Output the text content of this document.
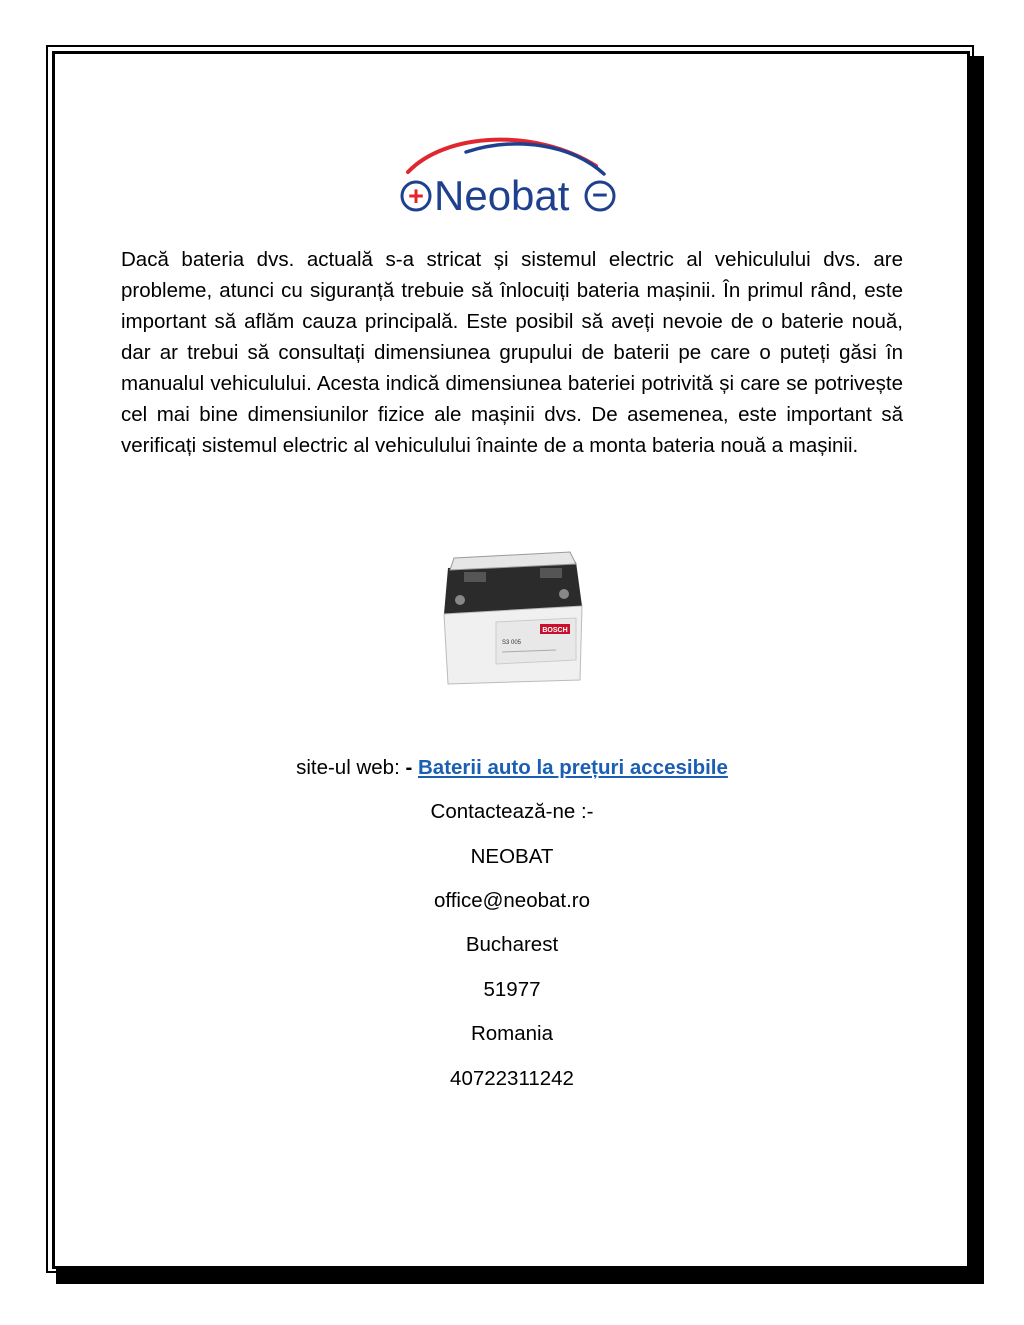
+ Neobat −

Dacă bateria dvs. actuală s-a stricat și sistemul electric al vehiculului dvs. are probleme, atunci cu siguranță trebuie să înlocuiți bateria mașinii. În primul rând, este important să aflăm cauza principală. Este posibil să aveți nevoie de o baterie nouă, dar ar trebui să consultați dimensiunea grupului de baterii pe care o puteți găsi în manualul vehiculului. Acesta indică dimensiunea bateriei potrivită și care se potrivește cel mai bine dimensiunilor fizice ale mașinii dvs. De asemenea, este important să verificați sistemul electric al vehiculului înainte de a monta bateria nouă a mașinii.

BOSCH
S3 005
site-ul web: - Baterii auto la prețuri accesibile
Contactează-ne :-
NEOBAT
office@neobat.ro
Bucharest
51977
Romania
40722311242
